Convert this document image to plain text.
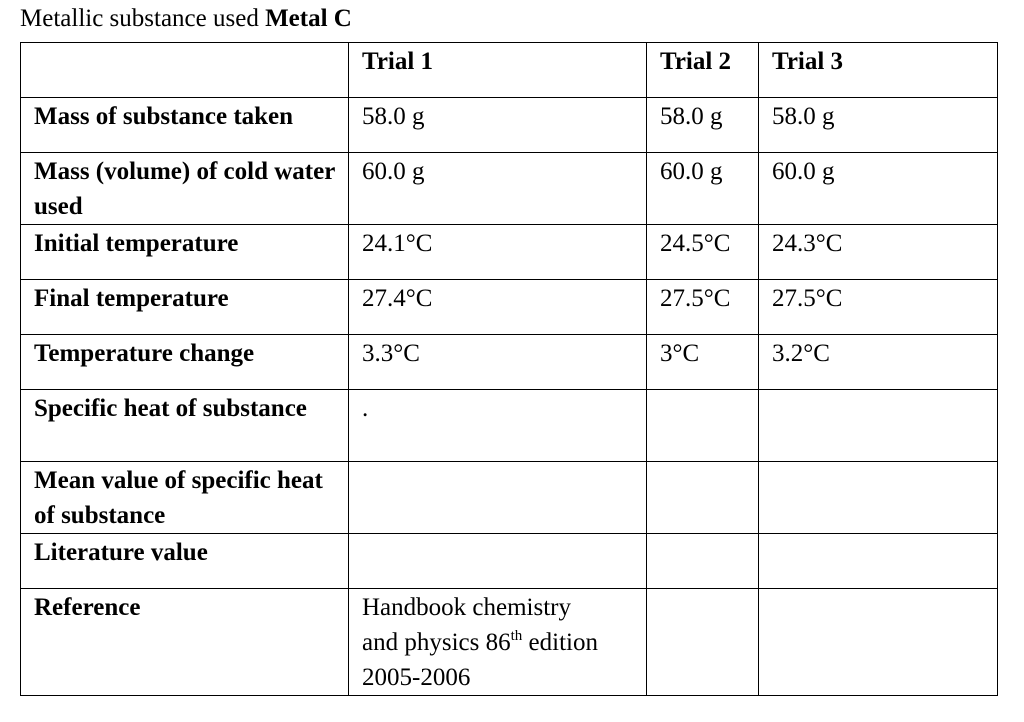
Metallic substance used Metal C
	Trial 1	Trial 2	Trial 3
Mass of substance taken	58.0 g	58.0 g	58.0 g
Mass (volume) of cold water used	60.0 g	60.0 g	60.0 g
Initial temperature	24.1°C	24.5°C	24.3°C
Final temperature	27.4°C	27.5°C	27.5°C
Temperature change	3.3°C	3°C	3.2°C
Specific heat of substance	.		
Mean value of specific heat of substance			
Literature value			
Reference	Handbook chemistry
and physics 86th edition
2005-2006		
